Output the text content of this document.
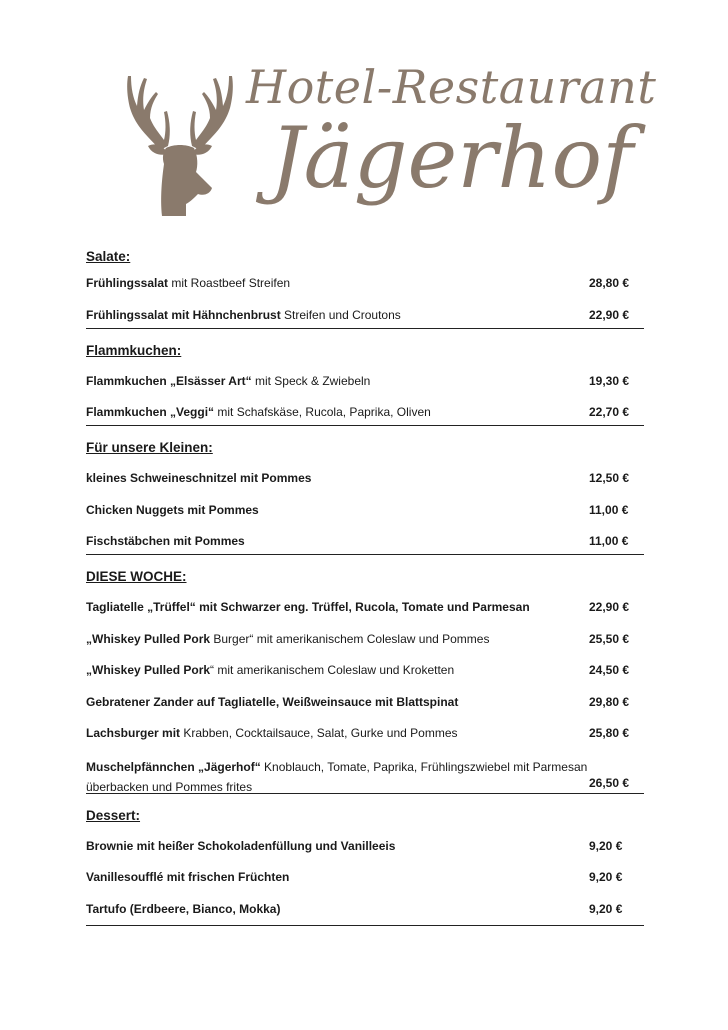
Hotel-Restaurant
Jägerhof
Salate:
Frühlingssalat mit Roastbeef Streifen	28,80 €
Frühlingssalat mit Hähnchenbrust Streifen und Croutons	22,90 €
Flammkuchen:
Flammkuchen „Elsässer Art“ mit Speck & Zwiebeln	19,30 €
Flammkuchen „Veggi“ mit Schafskäse, Rucola, Paprika, Oliven	22,70 €
Für unsere Kleinen:
kleines Schweineschnitzel mit Pommes	12,50 €
Chicken Nuggets mit Pommes	11,00 €
Fischstäbchen mit Pommes	11,00 €
DIESE WOCHE:
Tagliatelle „Trüffel“ mit Schwarzer eng. Trüffel, Rucola, Tomate und Parmesan	22,90 €
„Whiskey Pulled Pork Burger“ mit amerikanischem Coleslaw und Pommes	25,50 €
„Whiskey Pulled Pork“ mit amerikanischem Coleslaw und Kroketten	24,50 €
Gebratener Zander auf Tagliatelle, Weißweinsauce mit Blattspinat	29,80 €
Lachsburger mit Krabben, Cocktailsauce, Salat, Gurke und Pommes	25,80 €
Muschelpfännchen „Jägerhof“ Knoblauch, Tomate, Paprika, Frühlingszwiebel mit Parmesan überbacken und Pommes frites	26,50 €
Dessert:
Brownie mit heißer Schokoladenfüllung und Vanilleeis	9,20 €
Vanillesoufflé mit frischen Früchten	9,20 €
Tartufo (Erdbeere, Bianco, Mokka)	9,20 €
